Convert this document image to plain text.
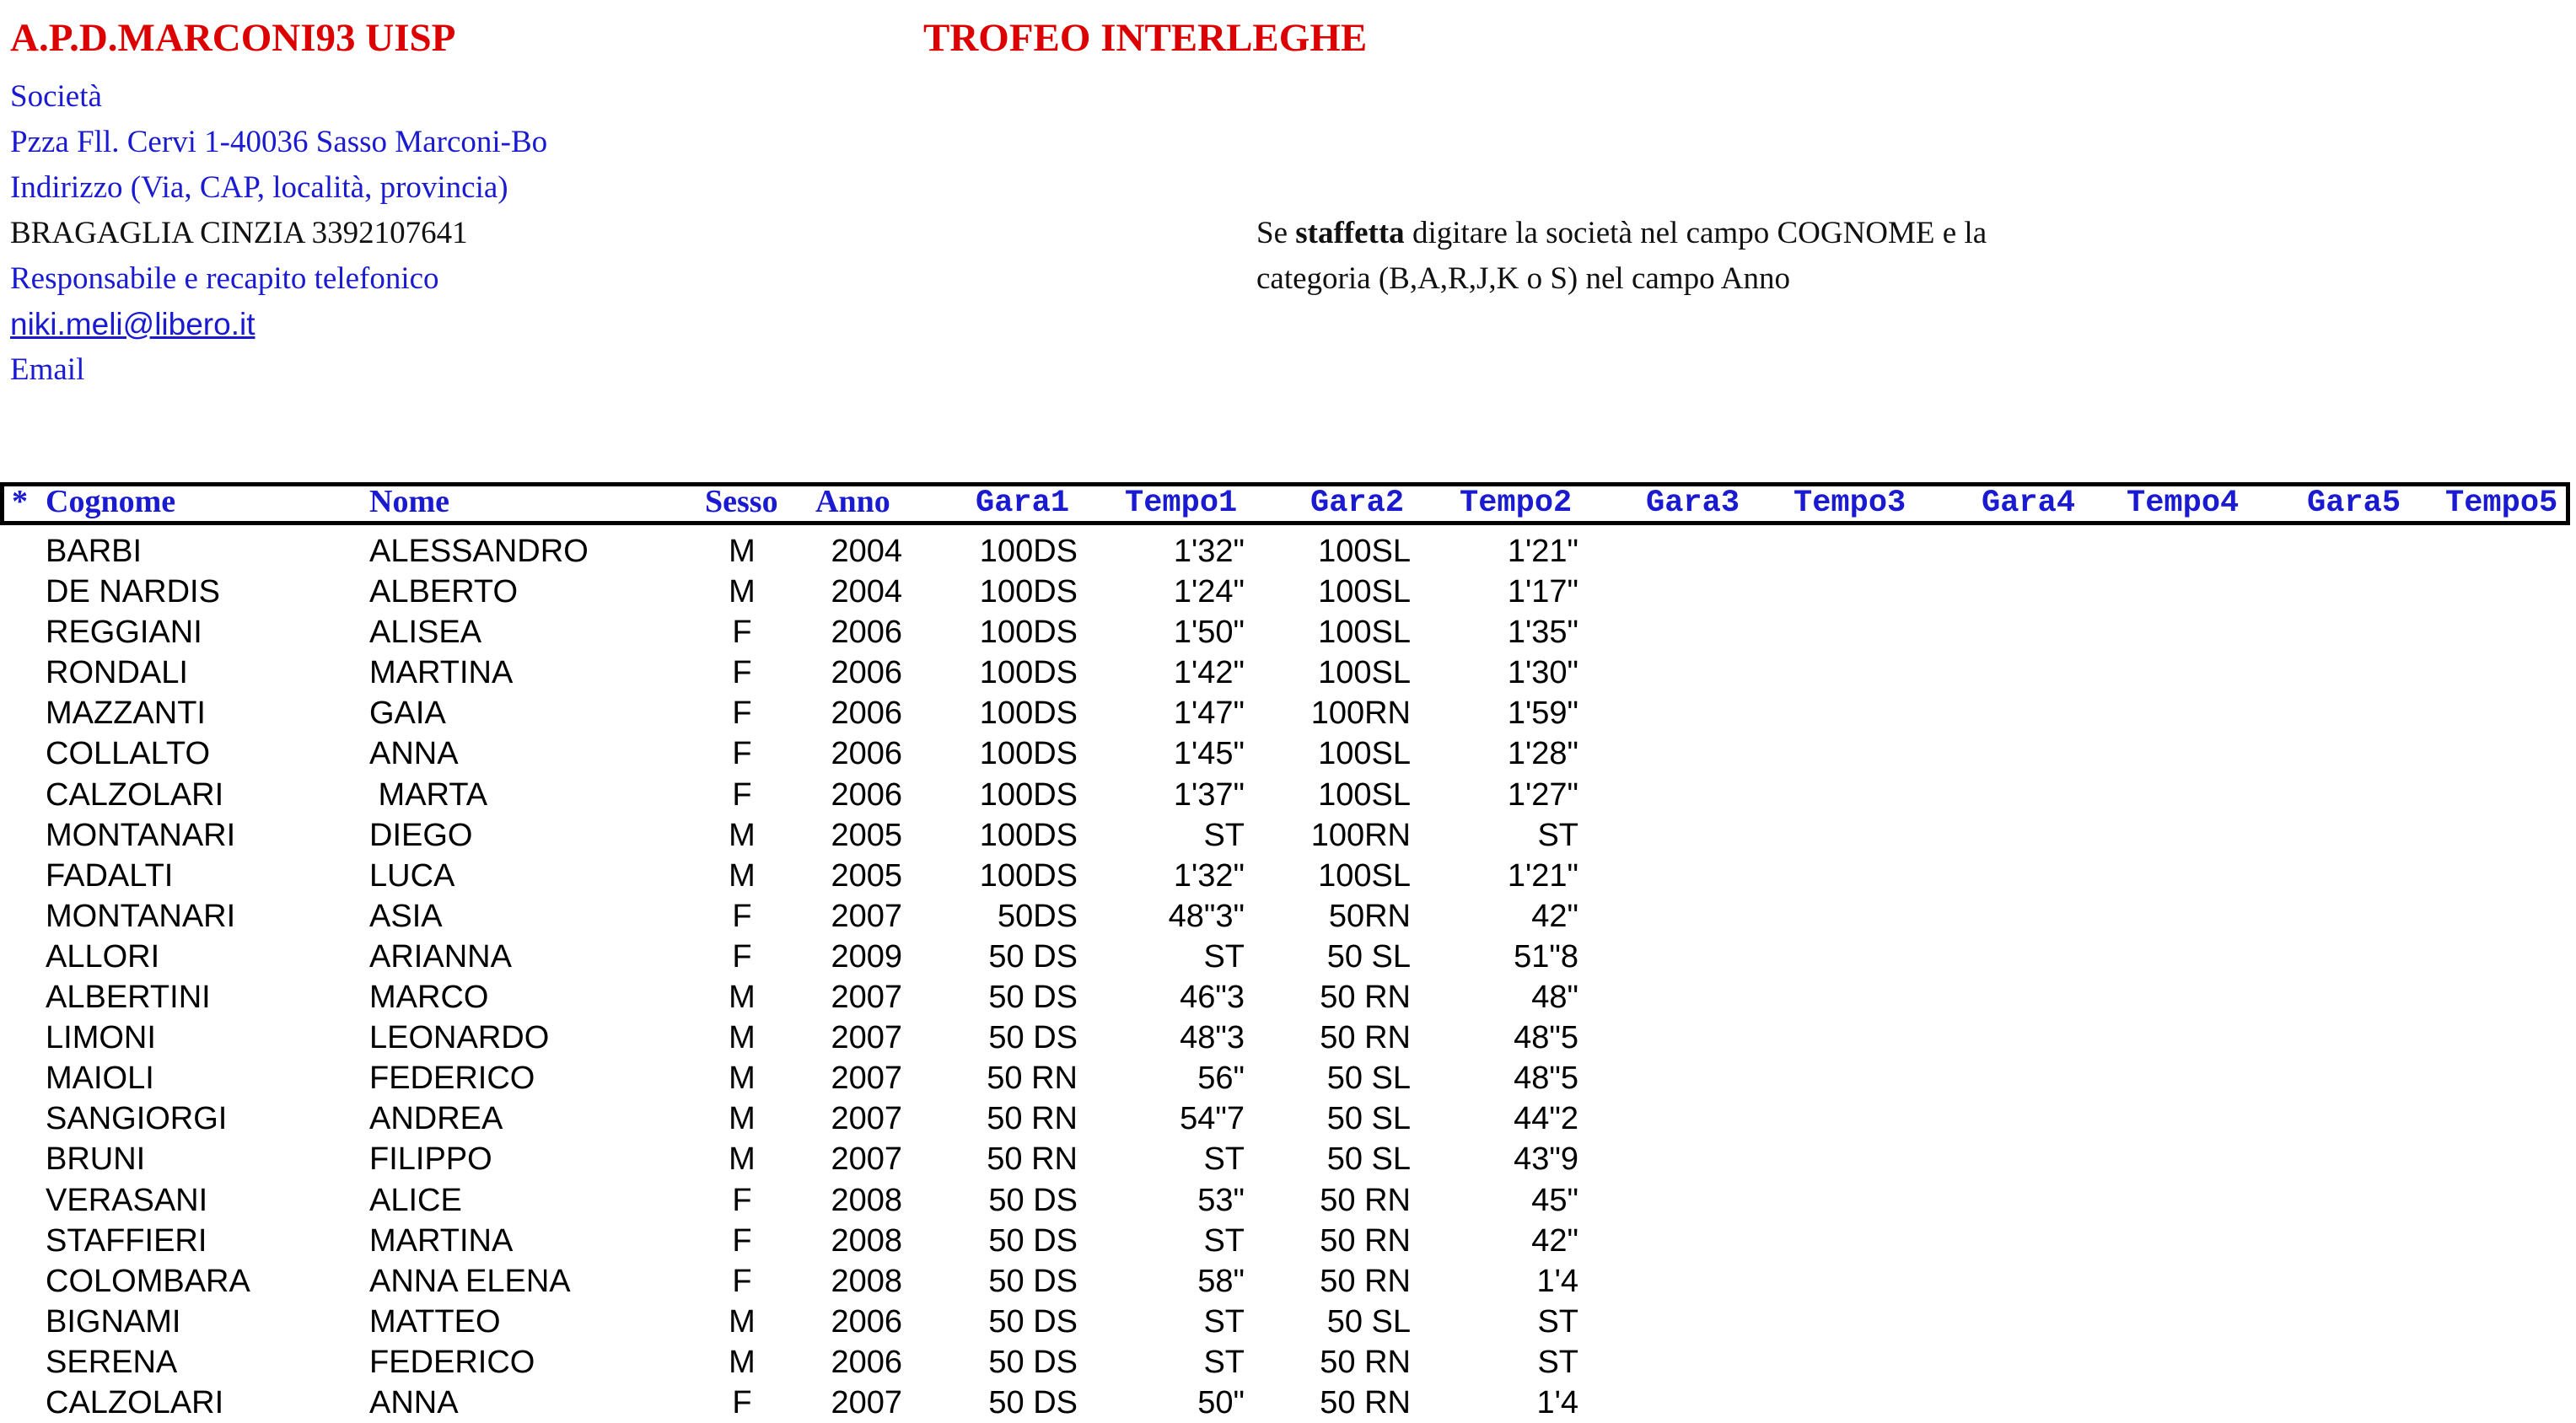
A.P.D.MARCONI93 UISP	TROFEO INTERLEGHE
Società
Pzza Fll. Cervi 1-40036 Sasso Marconi-Bo
Indirizzo (Via, CAP, località, provincia)
BRAGAGLIA CINZIA 3392107641
Responsabile e recapito telefonico
niki.meli@libero.it
Email
Se staffetta digitare la società nel campo COGNOME e la
categoria (B,A,R,J,K o S) nel campo Anno
* Cognome	Nome	Sesso Anno	Gara1 Tempo1 Gara2 Tempo2 Gara3 Tempo3 Gara4 Tempo4 Gara5 Tempo5
BARBI	ALESSANDRO	M	2004	100DS	1'32"	100SL	1'21"
DE NARDIS	ALBERTO	M	2004	100DS	1'24"	100SL	1'17"
REGGIANI	ALISEA	F	2006	100DS	1'50"	100SL	1'35"
RONDALI	MARTINA	F	2006	100DS	1'42"	100SL	1'30"
MAZZANTI	GAIA	F	2006	100DS	1'47"	100RN	1'59"
COLLALTO	ANNA	F	2006	100DS	1'45"	100SL	1'28"
CALZOLARI	MARTA	F	2006	100DS	1'37"	100SL	1'27"
MONTANARI	DIEGO	M	2005	100DS	ST	100RN	ST
FADALTI	LUCA	M	2005	100DS	1'32"	100SL	1'21"
MONTANARI	ASIA	F	2007	50DS	48"3"	50RN	42"
ALLORI	ARIANNA	F	2009	50 DS	ST	50 SL	51"8
ALBERTINI	MARCO	M	2007	50 DS	46"3	50 RN	48"
LIMONI	LEONARDO	M	2007	50 DS	48"3	50 RN	48"5
MAIOLI	FEDERICO	M	2007	50 RN	56"	50 SL	48"5
SANGIORGI	ANDREA	M	2007	50 RN	54"7	50 SL	44"2
BRUNI	FILIPPO	M	2007	50 RN	ST	50 SL	43"9
VERASANI	ALICE	F	2008	50 DS	53"	50 RN	45"
STAFFIERI	MARTINA	F	2008	50 DS	ST	50 RN	42"
COLOMBARA	ANNA ELENA	F	2008	50 DS	58"	50 RN	1'4
BIGNAMI	MATTEO	M	2006	50 DS	ST	50 SL	ST
SERENA	FEDERICO	M	2006	50 DS	ST	50 RN	ST
CALZOLARI	ANNA	F	2007	50 DS	50"	50 RN	1'4
